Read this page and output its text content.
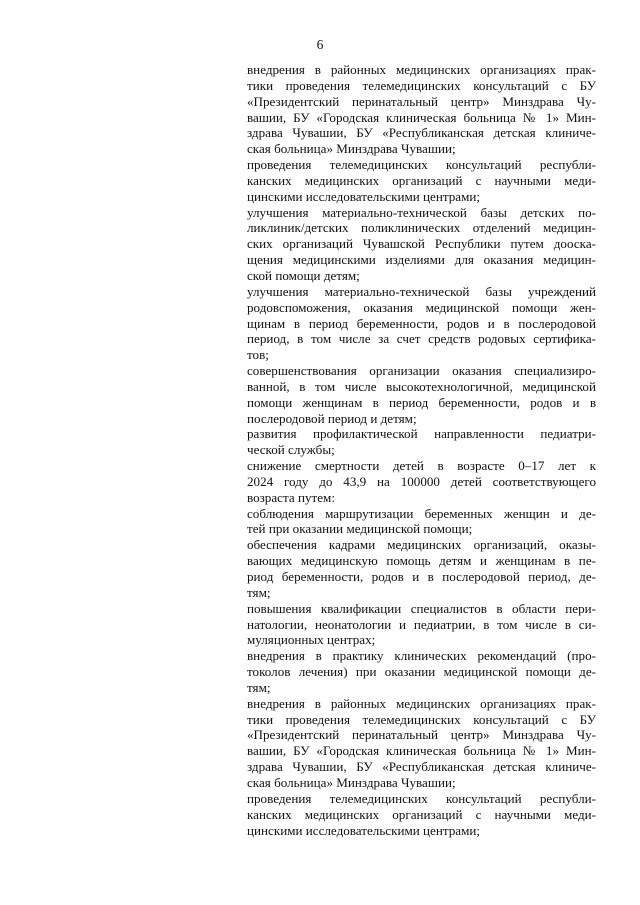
6

внедрения в районных медицинских организациях прак-
тики проведения телемедицинских консультаций с БУ
«Президентский перинатальный центр» Минздрава Чу-
вашии, БУ «Городская клиническая больница № 1» Мин-
здрава Чувашии, БУ «Республиканская детская клиниче-
ская больница» Минздрава Чувашии;

проведения телемедицинских консультаций республи-
канских медицинских организаций с научными меди-
цинскими исследовательскими центрами;

улучшения материально-технической базы детских по-
ликлиник/детских поликлинических отделений медицин-
ских организаций Чувашской Республики путем дооска-
щения медицинскими изделиями для оказания медицин-
ской помощи детям;

улучшения материально-технической базы учреждений
родовспоможения, оказания медицинской помощи жен-
щинам в период беременности, родов и в послеродовой
период, в том числе за счет средств родовых сертифика-
тов;

совершенствования организации оказания специализиро-
ванной, в том числе высокотехнологичной, медицинской
помощи женщинам в период беременности, родов и в
послеродовой период и детям;

развития профилактической направленности педиатри-
ческой службы;

снижение смертности детей в возрасте 0–17 лет к
2024 году до 43,9 на 100000 детей соответствующего
возраста путем:

соблюдения маршрутизации беременных женщин и де-
тей при оказании медицинской помощи;

обеспечения кадрами медицинских организаций, оказы-
вающих медицинскую помощь детям и женщинам в пе-
риод беременности, родов и в послеродовой период, де-
тям;

повышения квалификации специалистов в области пери-
натологии, неонатологии и педиатрии, в том числе в си-
муляционных центрах;

внедрения в практику клинических рекомендаций (про-
токолов лечения) при оказании медицинской помощи де-
тям;

внедрения в районных медицинских организациях прак-
тики проведения телемедицинских консультаций с БУ
«Президентский перинатальный центр» Минздрава Чу-
вашии, БУ «Городская клиническая больница № 1» Мин-
здрава Чувашии, БУ «Республиканская детская клиниче-
ская больница» Минздрава Чувашии;

проведения телемедицинских консультаций республи-
канских медицинских организаций с научными меди-
цинскими исследовательскими центрами;
